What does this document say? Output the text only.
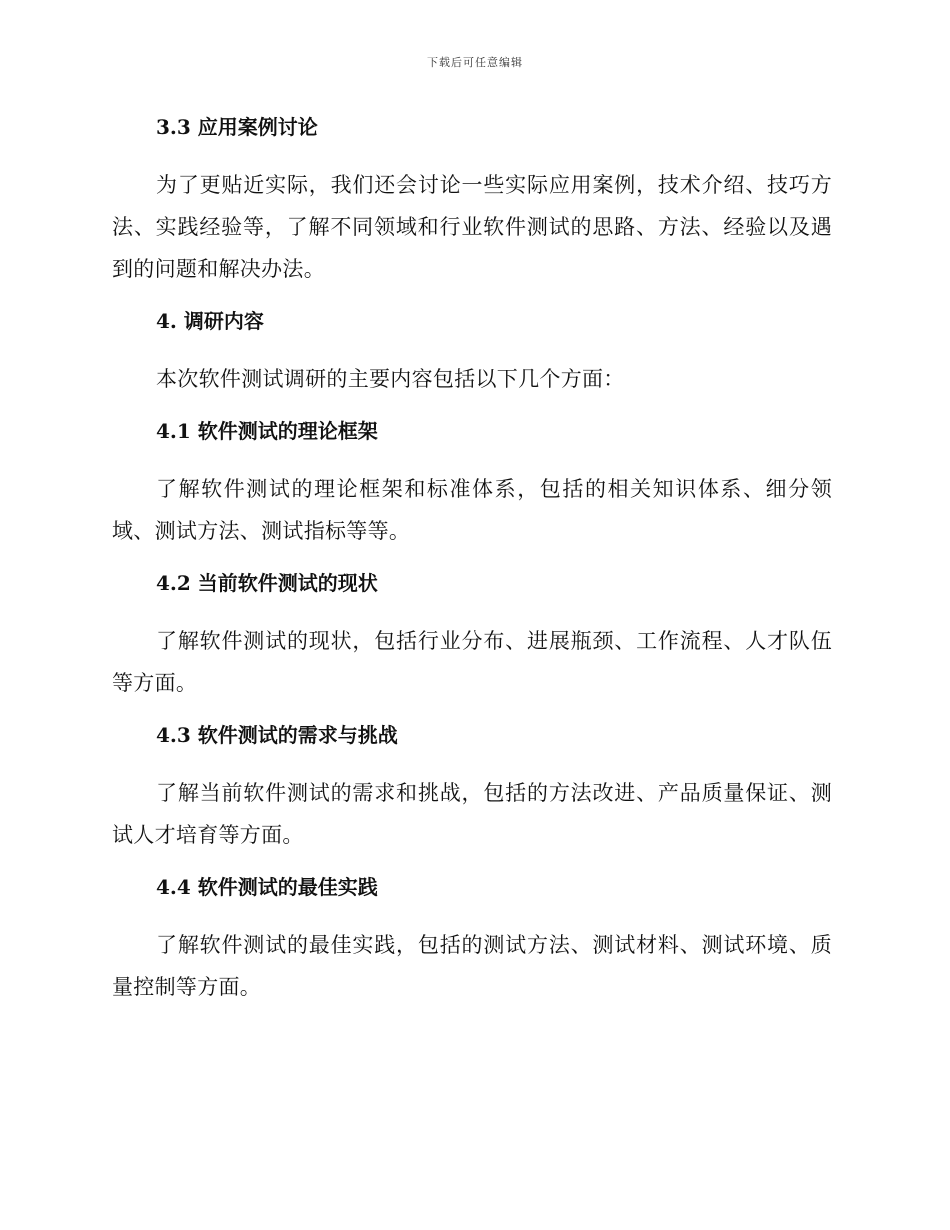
下载后可任意编辑
3.3 应用案例讨论

为了更贴近实际，我们还会讨论一些实际应用案例，技术介绍、技巧方法、实践经验等，了解不同领域和行业软件测试的思路、方法、经验以及遇到的问题和解决办法。

4. 调研内容

本次软件测试调研的主要内容包括以下几个方面：

4.1 软件测试的理论框架

了解软件测试的理论框架和标准体系，包括的相关知识体系、细分领域、测试方法、测试指标等等。

4.2 当前软件测试的现状

了解软件测试的现状，包括行业分布、进展瓶颈、工作流程、人才队伍等方面。

4.3 软件测试的需求与挑战

了解当前软件测试的需求和挑战，包括的方法改进、产品质量保证、测试人才培育等方面。

4.4 软件测试的最佳实践

了解软件测试的最佳实践，包括的测试方法、测试材料、测试环境、质量控制等方面。
